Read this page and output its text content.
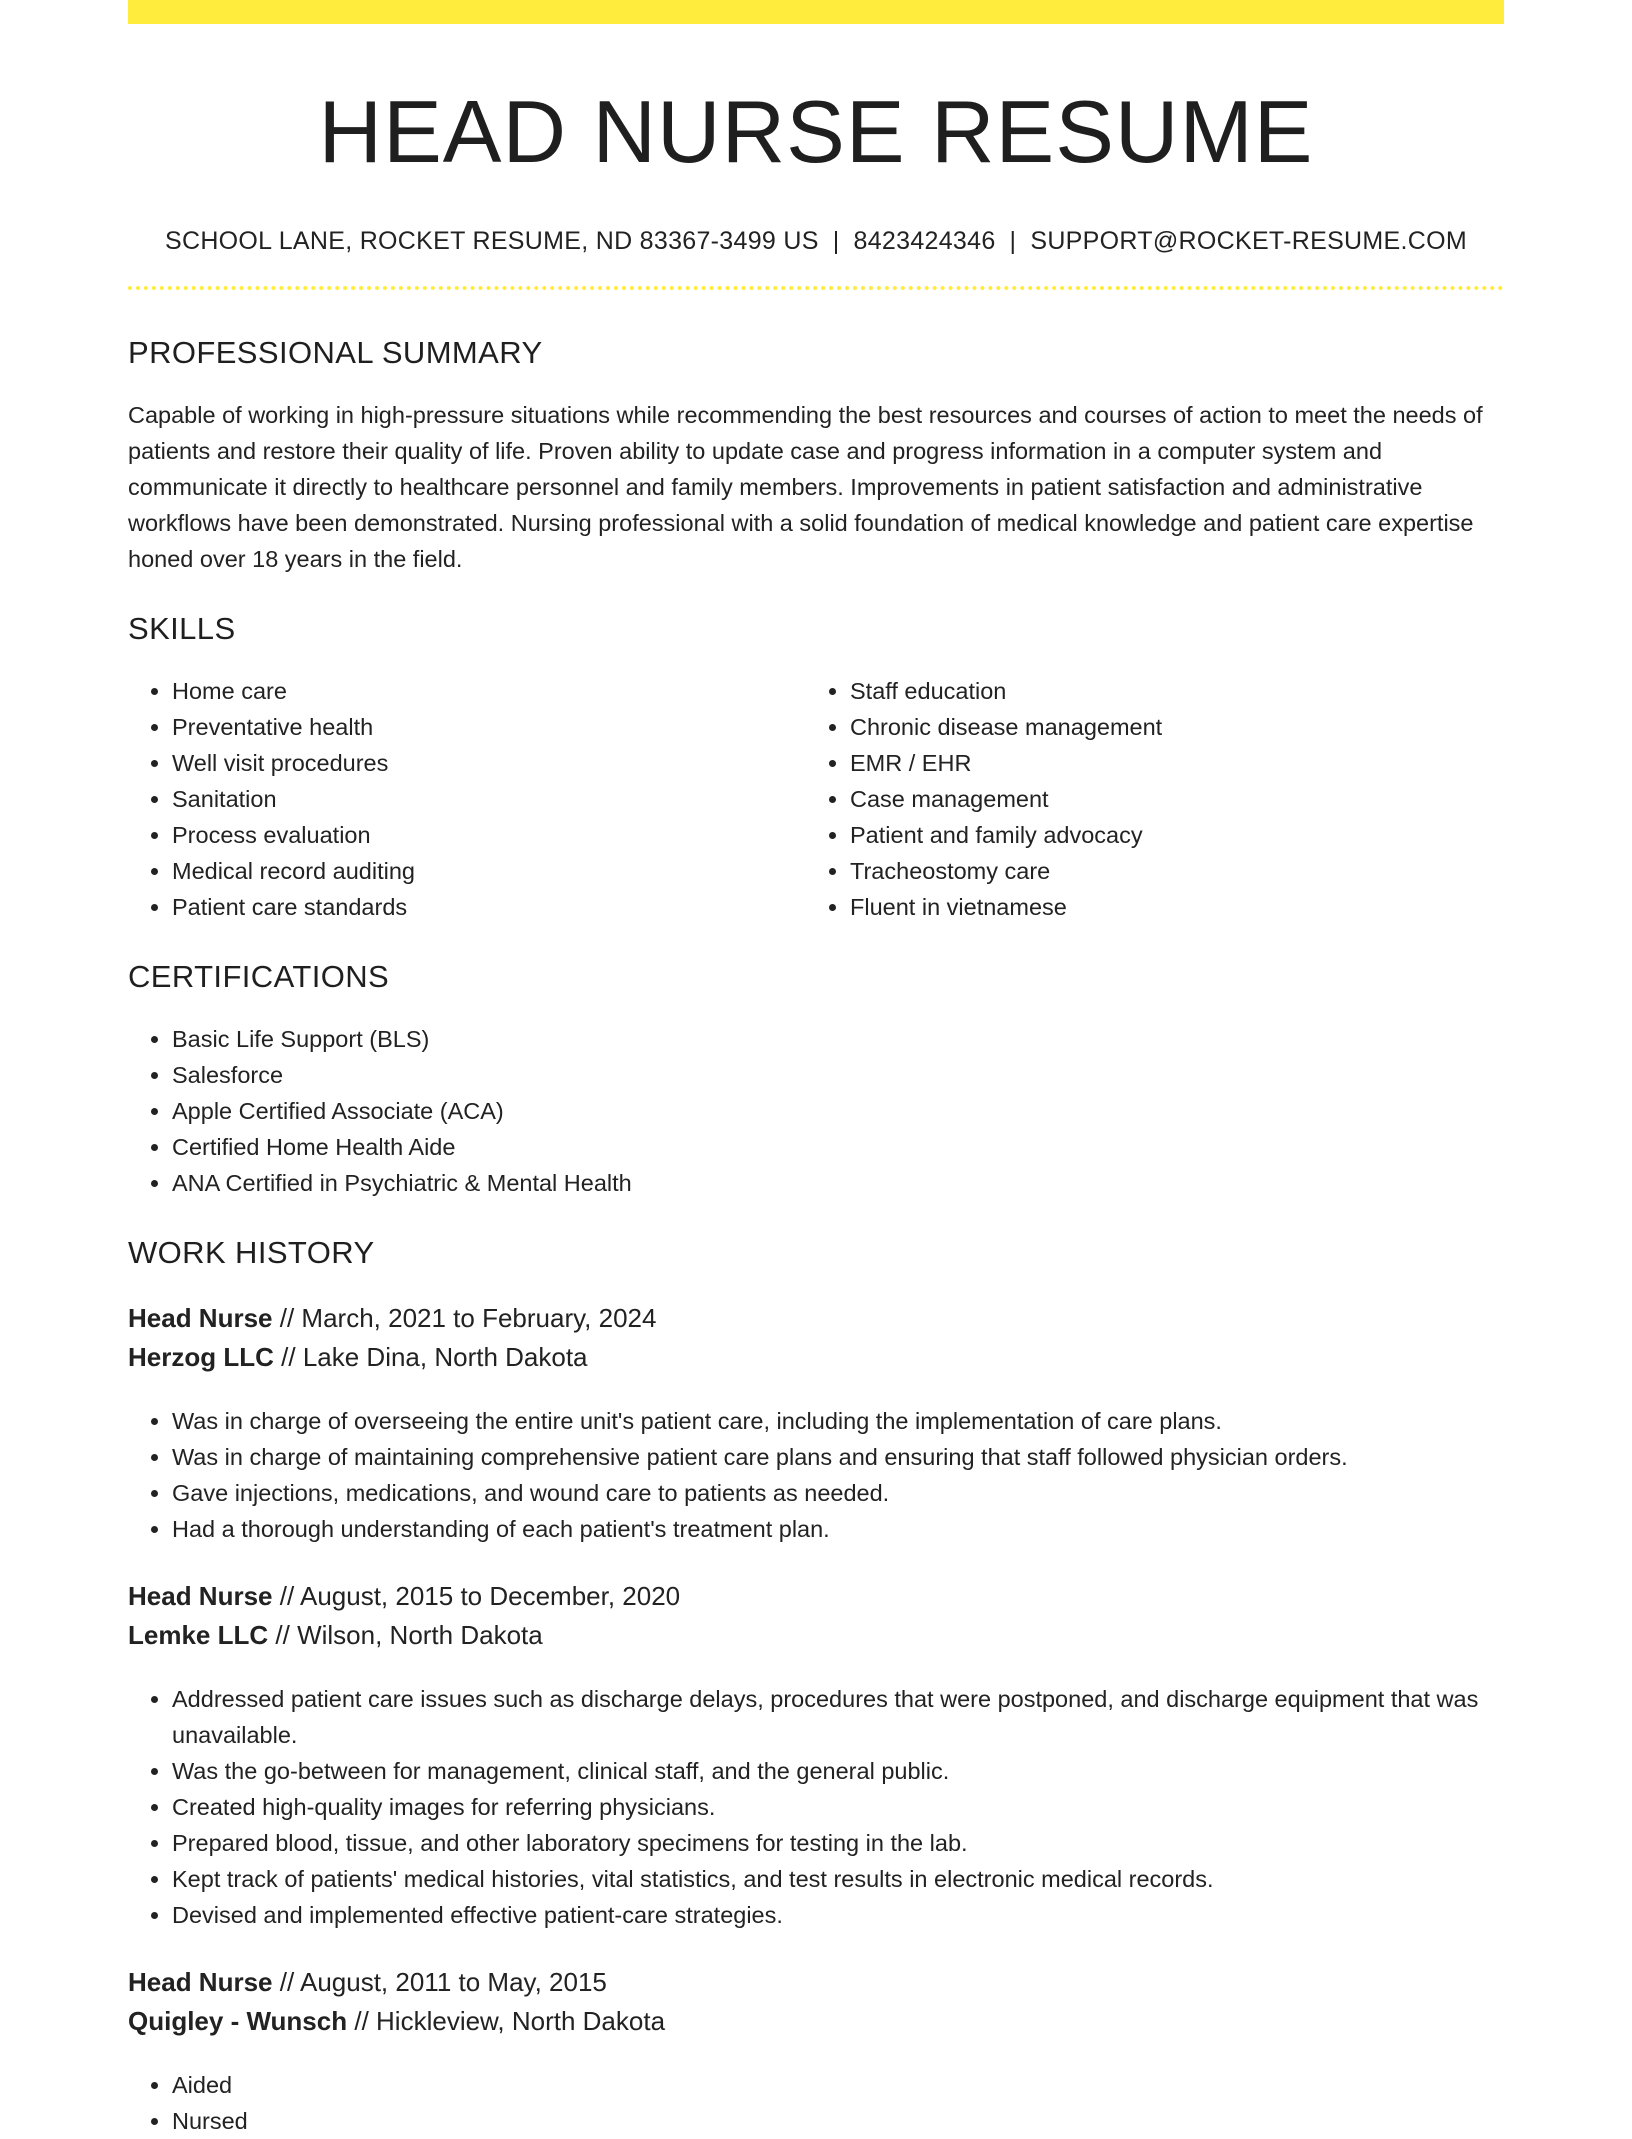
HEAD NURSE RESUME
SCHOOL LANE, ROCKET RESUME, ND 83367-3499 US | 8423424346 | SUPPORT@ROCKET-RESUME.COM
PROFESSIONAL SUMMARY
Capable of working in high-pressure situations while recommending the best resources and courses of action to meet the needs of patients and restore their quality of life. Proven ability to update case and progress information in a computer system and communicate it directly to healthcare personnel and family members. Improvements in patient satisfaction and administrative workflows have been demonstrated. Nursing professional with a solid foundation of medical knowledge and patient care expertise honed over 18 years in the field.
SKILLS
• Home care
• Preventative health
• Well visit procedures
• Sanitation
• Process evaluation
• Medical record auditing
• Patient care standards
• Staff education
• Chronic disease management
• EMR / EHR
• Case management
• Patient and family advocacy
• Tracheostomy care
• Fluent in vietnamese
CERTIFICATIONS
• Basic Life Support (BLS)
• Salesforce
• Apple Certified Associate (ACA)
• Certified Home Health Aide
• ANA Certified in Psychiatric & Mental Health
WORK HISTORY
Head Nurse // March, 2021 to February, 2024
Herzog LLC // Lake Dina, North Dakota
• Was in charge of overseeing the entire unit's patient care, including the implementation of care plans.
• Was in charge of maintaining comprehensive patient care plans and ensuring that staff followed physician orders.
• Gave injections, medications, and wound care to patients as needed.
• Had a thorough understanding of each patient's treatment plan.
Head Nurse // August, 2015 to December, 2020
Lemke LLC // Wilson, North Dakota
• Addressed patient care issues such as discharge delays, procedures that were postponed, and discharge equipment that was unavailable.
• Was the go-between for management, clinical staff, and the general public.
• Created high-quality images for referring physicians.
• Prepared blood, tissue, and other laboratory specimens for testing in the lab.
• Kept track of patients' medical histories, vital statistics, and test results in electronic medical records.
• Devised and implemented effective patient-care strategies.
Head Nurse // August, 2011 to May, 2015
Quigley - Wunsch // Hickleview, North Dakota
• Aided
• Nursed
